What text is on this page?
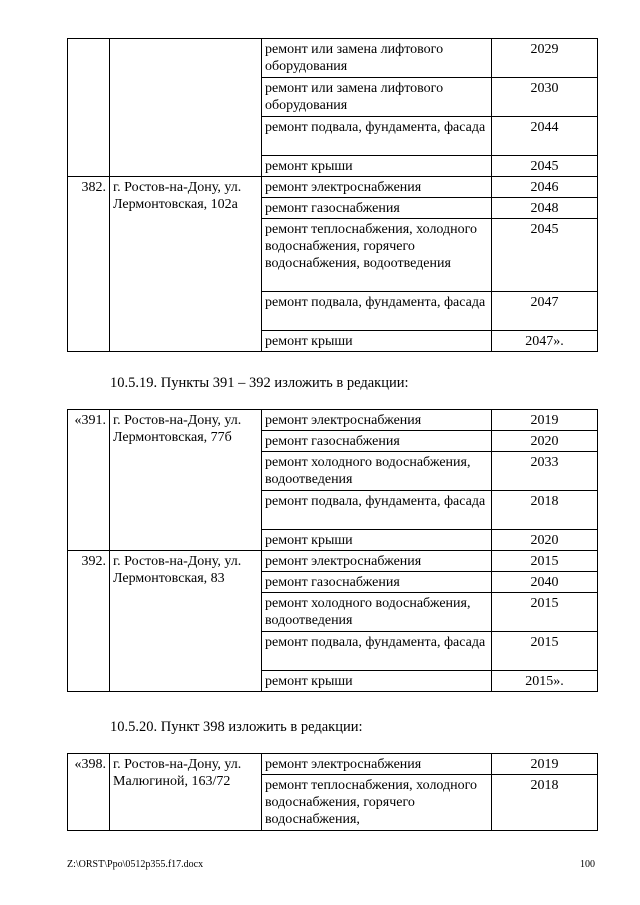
		ремонт или замена лифтового оборудования	2029
		ремонт или замена лифтового оборудования	2030
		ремонт подвала, фундамента, фасада	2044
		ремонт крыши	2045
382.	г. Ростов-на-Дону, ул. Лермонтовская, 102а	ремонт электроснабжения	2046
		ремонт газоснабжения	2048
		ремонт теплоснабжения, холодного водоснабжения, горячего водоснабжения, водоотведения	2045
		ремонт подвала, фундамента, фасада	2047
		ремонт крыши	2047».
10.5.19. Пункты 391 – 392 изложить в редакции:
«391.	г. Ростов-на-Дону, ул. Лермонтовская, 77б	ремонт электроснабжения	2019
		ремонт газоснабжения	2020
		ремонт холодного водоснабжения, водоотведения	2033
		ремонт подвала, фундамента, фасада	2018
		ремонт крыши	2020
392.	г. Ростов-на-Дону, ул. Лермонтовская, 83	ремонт электроснабжения	2015
		ремонт газоснабжения	2040
		ремонт холодного водоснабжения, водоотведения	2015
		ремонт подвала, фундамента, фасада	2015
		ремонт крыши	2015».
10.5.20. Пункт 398 изложить в редакции:
«398.	г. Ростов-на-Дону, ул. Малюгиной, 163/72	ремонт электроснабжения	2019
		ремонт теплоснабжения, холодного водоснабжения, горячего водоснабжения,	2018
Z:\ORST\Ppo\0512p355.f17.docx	100
